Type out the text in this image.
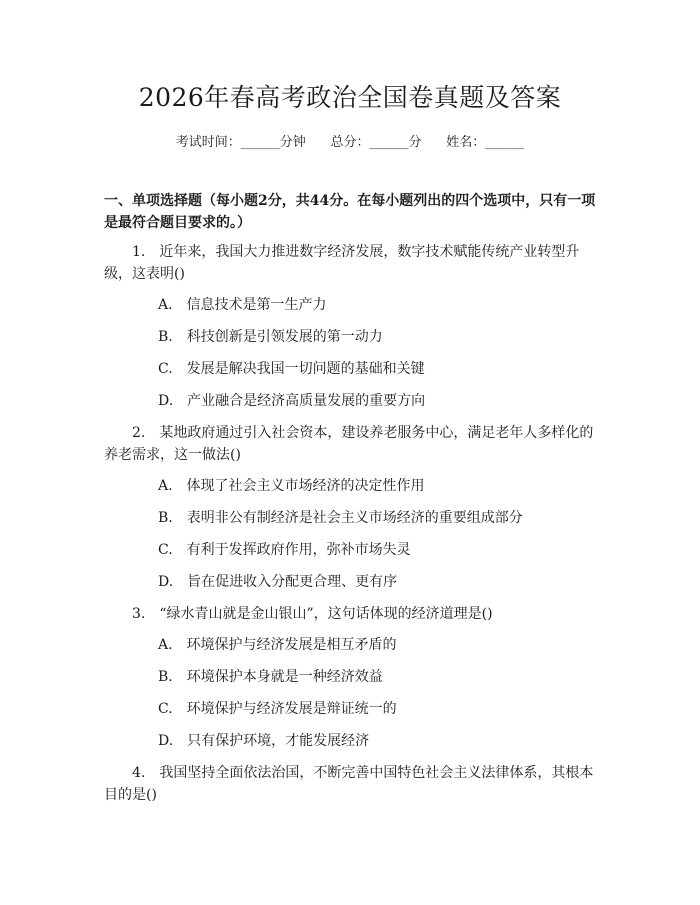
2026年春高考政治全国卷真题及答案
考试时间：______分钟      总分：______分      姓名：______
一、单项选择题（每小题2分，共44分。在每小题列出的四个选项中，只有一项是最符合题目要求的。）
1.　近年来，我国大力推进数字经济发展，数字技术赋能传统产业转型升级，这表明()
A.　信息技术是第一生产力
B.　科技创新是引领发展的第一动力
C.　发展是解决我国一切问题的基础和关键
D.　产业融合是经济高质量发展的重要方向
2.　某地政府通过引入社会资本，建设养老服务中心，满足老年人多样化的养老需求，这一做法()
A.　体现了社会主义市场经济的决定性作用
B.　表明非公有制经济是社会主义市场经济的重要组成部分
C.　有利于发挥政府作用，弥补市场失灵
D.　旨在促进收入分配更合理、更有序
3.　“绿水青山就是金山银山”，这句话体现的经济道理是()
A.　环境保护与经济发展是相互矛盾的
B.　环境保护本身就是一种经济效益
C.　环境保护与经济发展是辩证统一的
D.　只有保护环境，才能发展经济
4.　我国坚持全面依法治国，不断完善中国特色社会主义法律体系，其根本目的是()
